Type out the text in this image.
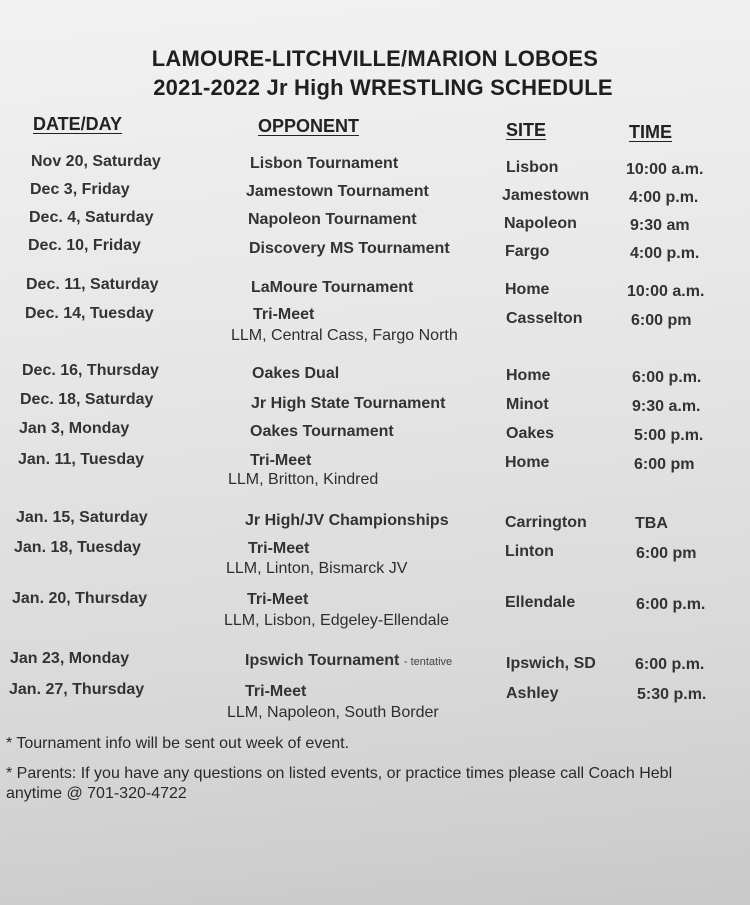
LAMOURE-LITCHVILLE/MARION LOBOES
2021-2022 Jr High WRESTLING SCHEDULE
DATE/DAY	OPPONENT	SITE	TIME
Nov 20, Saturday	Lisbon Tournament	Lisbon	10:00 a.m.
Dec 3, Friday	Jamestown Tournament	Jamestown 4:00 p.m.
Dec. 4, Saturday	Napoleon Tournament	Napoleon	9:30 am
Dec. 10, Friday	Discovery MS Tournament	Fargo	4:00 p.m.
Dec. 11, Saturday	LaMoure Tournament	Home	10:00 a.m.
Dec. 14, Tuesday	Tri-Meet	Casselton	6:00 pm
LLM, Central Cass, Fargo North
Dec. 16, Thursday	Oakes Dual	Home	6:00 p.m.
Dec. 18, Saturday	Jr High State Tournament	Minot	9:30 a.m.
Jan 3, Monday	Oakes Tournament	Oakes	5:00 p.m.
Jan. 11, Tuesday	Tri-Meet	Home	6:00 pm
LLM, Britton, Kindred
Jan. 15, Saturday	Jr High/JV Championships	Carrington	TBA
Jan. 18, Tuesday	Tri-Meet	Linton	6:00 pm
LLM, Linton, Bismarck JV
Jan. 20, Thursday	Tri-Meet	Ellendale	6:00 p.m.
LLM, Lisbon, Edgeley-Ellendale
Jan 23, Monday	Ipswich Tournament - tentative	Ipswich, SD 6:00 p.m.
Jan. 27, Thursday	Tri-Meet	Ashley	5:30 p.m.
LLM, Napoleon, South Border
* Tournament info will be sent out week of event.
* Parents: If you have any questions on listed events, or practice times please call Coach Hebl
anytime @ 701-320-4722
